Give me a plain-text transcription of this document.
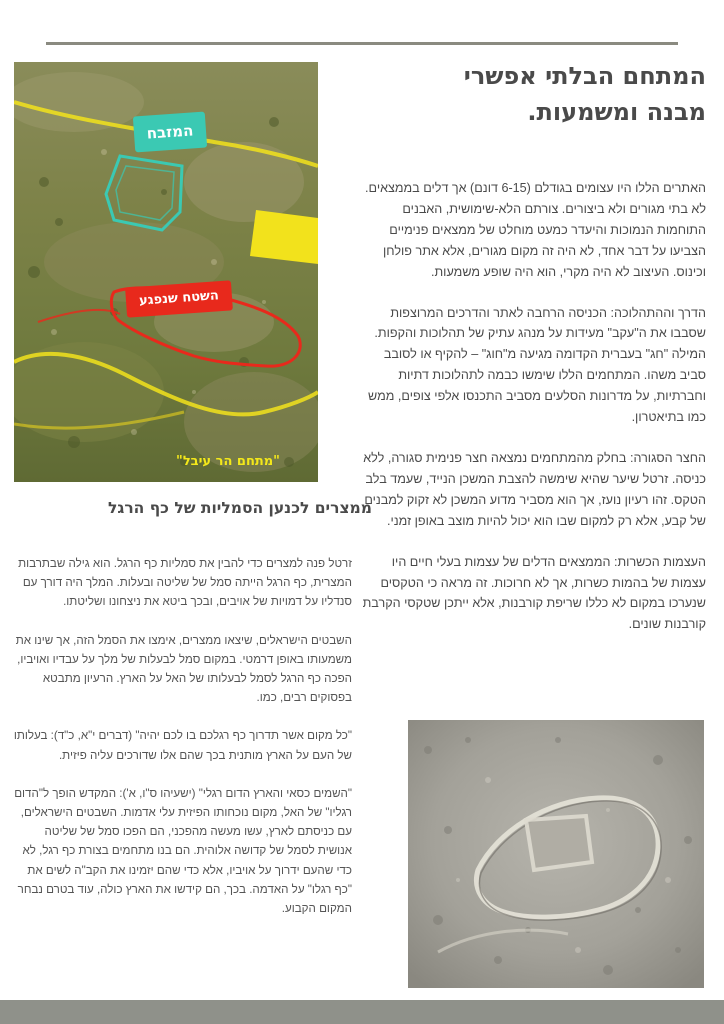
המזבח
השטח שנפגע
"מתחם הר עיבל"
המתחם הבלתי אפשרי
מבנה ומשמעות.

האתרים הללו היו עצומים בגודלם (6-15 דונם) אך דלים בממצאים. לא בתי מגורים ולא ביצורים. צורתם הלא-שימושית, האבנים התוחמות הנמוכות והיעדר כמעט מוחלט של ממצאים פנימיים הצביעו על דבר אחד, לא היה זה מקום מגורים, אלא אתר פולחן וכינוס. העיצוב לא היה מקרי, הוא היה שופע משמעות.

הדרך וההתהלוכה: הכניסה הרחבה לאתר והדרכים המרוצפות שסבבו את ה"עקב" מעידות על מנהג עתיק של תהלוכות והקפות. המילה "חג" בעברית הקדומה מגיעה מ"חוג" – להקיף או לסובב סביב משהו. המתחמים הללו שימשו כבמה לתהלוכות דתיות וחברתיות, על מדרונות הסלעים מסביב התכנסו אלפי צופים, ממש כמו בתיאטרון.

החצר הסגורה: בחלק מהמתחמים נמצאה חצר פנימית סגורה, ללא כניסה. זרטל שיער שהיא שימשה להצבת המשכן הנייד, שעמד בלב הטקס. זהו רעיון נועז, אך הוא מסביר מדוע המשכן לא זקוק למבנים של קבע, אלא רק למקום שבו הוא יכול להיות מוצב באופן זמני.

העצמות הכשרות: הממצאים הדלים של עצמות בעלי חיים היו עצמות של בהמות כשרות, אך לא חרוכות. זה מראה כי הטקסים שנערכו במקום לא כללו שריפת קורבנות, אלא ייתכן שטקסי הקרבת קורבנות שונים.

ממצרים לכנען הסמליות של כף הרגל

זרטל פנה למצרים כדי להבין את סמליות כף הרגל. הוא גילה שבתרבות המצרית, כף הרגל הייתה סמל של שליטה ובעלות. המלך היה דורך עם סנדליו על דמויות של אויבים, ובכך ביטא את ניצחונו ושליטתו.

השבטים הישראלים, שיצאו ממצרים, אימצו את הסמל הזה, אך שינו את משמעותו באופן דרמטי. במקום סמל לבעלות של מלך על עבדיו ואויביו, הפכה כף הרגל לסמל לבעלותו של האל על הארץ. הרעיון מתבטא בפסוקים רבים, כמו.

"כל מקום אשר תדרוך כף רגלכם בו לכם יהיה" (דברים י"א, כ"ד): בעלותו של העם על הארץ מותנית בכך שהם אלו שדורכים עליה פיזית.

"השמים כסאי והארץ הדום רגלי" (ישעיהו ס"ו, א'): המקדש הופך ל"הדום רגליו" של האל, מקום נוכחותו הפיזית עלי אדמות. השבטים הישראלים, עם כניסתם לארץ, עשו מעשה מהפכני, הם הפכו סמל של שליטה אנושית לסמל של קדושה אלוהית. הם בנו מתחמים בצורת כף רגל, לא כדי שהעם ידרוך על אויביו, אלא כדי שהם יזמינו את הקב"ה לשים את "כף רגלו" על האדמה. בכך, הם קידשו את הארץ כולה, עוד בטרם נבחר המקום הקבוע.
